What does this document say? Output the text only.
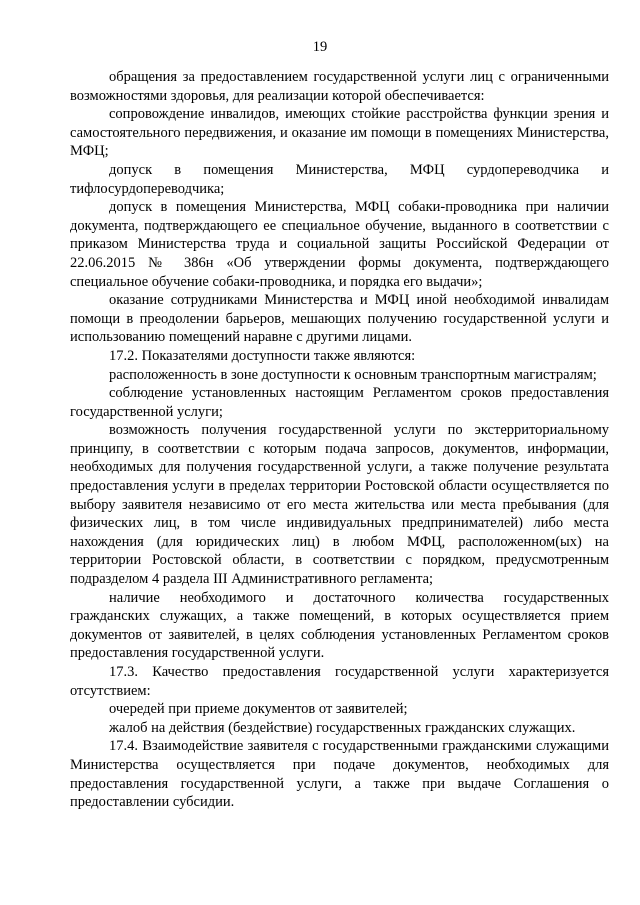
19

обращения за предоставлением государственной услуги лиц с ограниченными возможностями здоровья, для реализации которой обеспечивается:

сопровождение инвалидов, имеющих стойкие расстройства функции зрения и самостоятельного передвижения, и оказание им помощи в помещениях Министерства, МФЦ;

допуск в помещения Министерства, МФЦ сурдопереводчика и тифлосурдопереводчика;

допуск в помещения Министерства, МФЦ собаки-проводника при наличии документа, подтверждающего ее специальное обучение, выданного в соответствии с приказом Министерства труда и социальной защиты Российской Федерации от 22.06.2015 № 386н «Об утверждении формы документа, подтверждающего специальное обучение собаки-проводника, и порядка его выдачи»;

оказание сотрудниками Министерства и МФЦ иной необходимой инвалидам помощи в преодолении барьеров, мешающих получению государственной услуги и использованию помещений наравне с другими лицами.

17.2. Показателями доступности также являются:

расположенность в зоне доступности к основным транспортным магистралям;

соблюдение установленных настоящим Регламентом сроков предоставления государственной услуги;

возможность получения государственной услуги по экстерриториальному принципу, в соответствии с которым подача запросов, документов, информации, необходимых для получения государственной услуги, а также получение результата предоставления услуги в пределах территории Ростовской области осуществляется по выбору заявителя независимо от его места жительства или места пребывания (для физических лиц, в том числе индивидуальных предпринимателей) либо места нахождения (для юридических лиц) в любом МФЦ, расположенном(ых) на территории Ростовской области, в соответствии с порядком, предусмотренным подразделом 4 раздела III Административного регламента;

наличие необходимого и достаточного количества государственных гражданских служащих, а также помещений, в которых осуществляется прием документов от заявителей, в целях соблюдения установленных Регламентом сроков предоставления государственной услуги.

17.3. Качество предоставления государственной услуги характеризуется отсутствием:

очередей при приеме документов от заявителей;

жалоб на действия (бездействие) государственных гражданских служащих.

17.4. Взаимодействие заявителя с государственными гражданскими служащими Министерства осуществляется при подаче документов, необходимых для предоставления государственной услуги, а также при выдаче Соглашения о предоставлении субсидии.
